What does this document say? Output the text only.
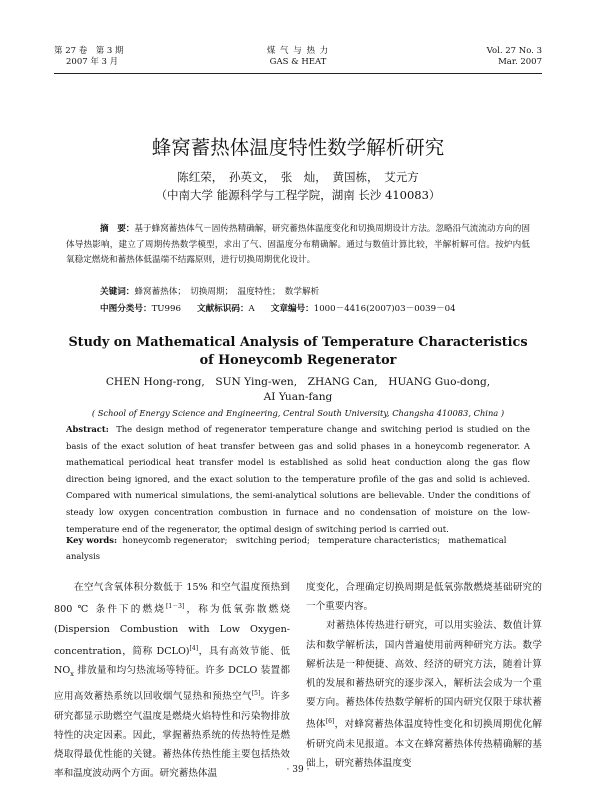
第 27 卷　第 3 期
2007 年 3 月
煤 气 与 热 力
GAS & HEAT
Vol. 27 No. 3
Mar. 2007
蜂窝蓄热体温度特性数学解析研究
陈红荣，　孙英文，　张　灿，　黄国栋，　艾元方
（中南大学 能源科学与工程学院，湖南 长沙 410083）
摘　要：基于蜂窝蓄热体气－固传热精确解，研究蓄热体温度变化和切换周期设计方法。忽略沿气流流动方向的固体导热影响，建立了周期传热数学模型，求出了气、固温度分布精确解。通过与数值计算比较，半解析解可信。按炉内低氧稳定燃烧和蓄热体低温端不结露原则，进行切换周期优化设计。
关键词：蜂窝蓄热体；　切换周期；　温度特性；　数学解析
中图分类号：TU996 文献标识码：A 文章编号：1000－4416(2007)03－0039－04
Study on Mathematical Analysis of Temperature Characteristics
of Honeycomb Regenerator
CHEN Hong-rong,　SUN Ying-wen,　ZHANG Can,　HUANG Guo-dong,
AI Yuan-fang
( School of Energy Science and Engineering, Central South University, Changsha 410083, China )
Abstract: The design method of regenerator temperature change and switching period is studied on the basis of the exact solution of heat transfer between gas and solid phases in a honeycomb regenerator. A mathematical periodical heat transfer model is established as solid heat conduction along the gas flow direction being ignored, and the exact solution to the temperature profile of the gas and solid is achieved. Compared with numerical simulations, the semi-analytical solutions are believable. Under the conditions of steady low oxygen concentration combustion in furnace and no condensation of moisture on the low-temperature end of the regenerator, the optimal design of switching period is carried out.
Key words: honeycomb regenerator;　switching period;　temperature characteristics;　mathematical analysis
在空气含氧体积分数低于 15% 和空气温度预热到 800 ℃ 条件下的燃烧[1－3]，称为低氧弥散燃烧 (Dispersion Combustion with Low Oxygen-concentration，简称 DCLO)[4]，具有高效节能、低 $NO_x$ 排放量和均匀热流场等特征。许多 DCLO 装置都应用高效蓄热系统以回收烟气显热和预热空气[5]。许多研究都显示助燃空气温度是燃烧火焰特性和污染物排放特性的决定因素。因此，掌握蓄热系统的传热特性是燃烧取得最优性能的关键。蓄热体传热性能主要包括热效率和温度波动两个方面。研究蓄热体温

度变化，合理确定切换周期是低氧弥散燃烧基础研究的一个重要内容。

对蓄热体传热进行研究，可以用实验法、数值计算法和数学解析法，国内普遍使用前两种研究方法。数学解析法是一种便捷、高效、经济的研究方法，随着计算机的发展和蓄热研究的逐步深入，解析法会成为一个重要方向。蓄热体传热数学解析的国内研究仅限于球状蓄热体[6]，对蜂窝蓄热体温度特性变化和切换周期优化解析研究尚未见报道。本文在蜂窝蓄热体传热精确解的基础上，研究蓄热体温度变

· 39 ·
